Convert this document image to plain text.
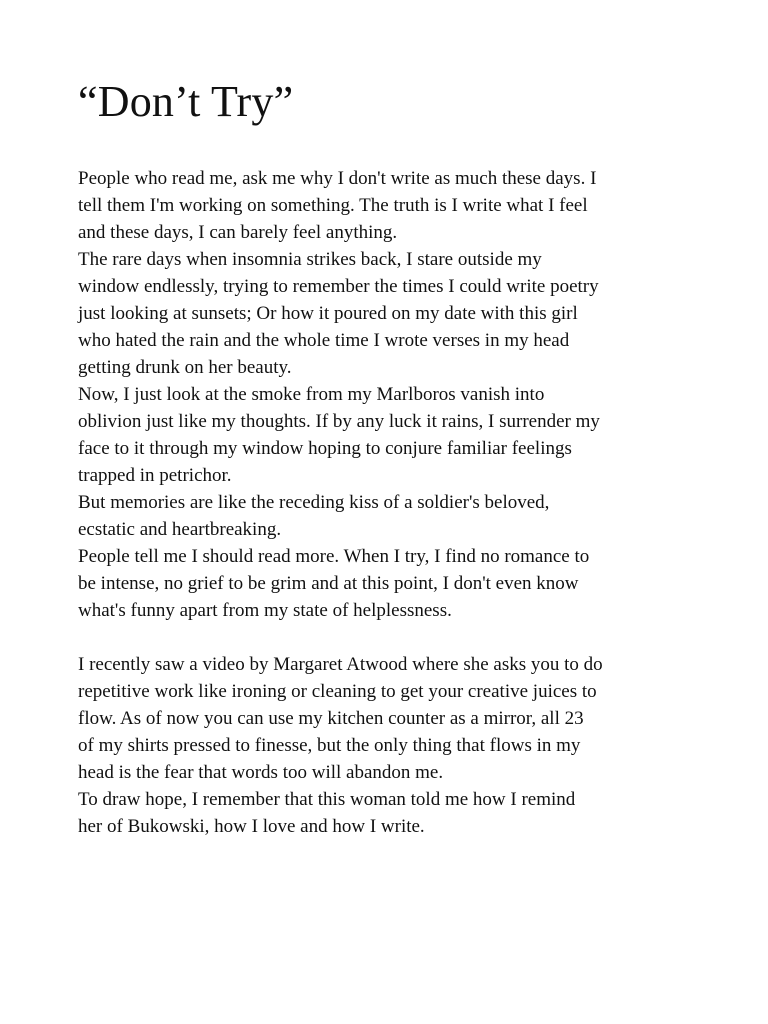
“Don’t Try”
People who read me, ask me why I don't write as much these days. I
tell them I'm working on something. The truth is I write what I feel
and these days, I can barely feel anything.
The rare days when insomnia strikes back, I stare outside my
window endlessly, trying to remember the times I could write poetry
just looking at sunsets; Or how it poured on my date with this girl
who hated the rain and the whole time I wrote verses in my head
getting drunk on her beauty.
Now, I just look at the smoke from my Marlboros vanish into
oblivion just like my thoughts. If by any luck it rains, I surrender my
face to it through my window hoping to conjure familiar feelings
trapped in petrichor.
But memories are like the receding kiss of a soldier's beloved,
ecstatic and heartbreaking.
People tell me I should read more. When I try, I find no romance to
be intense, no grief to be grim and at this point, I don't even know
what's funny apart from my state of helplessness.
I recently saw a video by Margaret Atwood where she asks you to do
repetitive work like ironing or cleaning to get your creative juices to
flow. As of now you can use my kitchen counter as a mirror, all 23
of my shirts pressed to finesse, but the only thing that flows in my
head is the fear that words too will abandon me.
To draw hope, I remember that this woman told me how I remind
her of Bukowski, how I love and how I write.
